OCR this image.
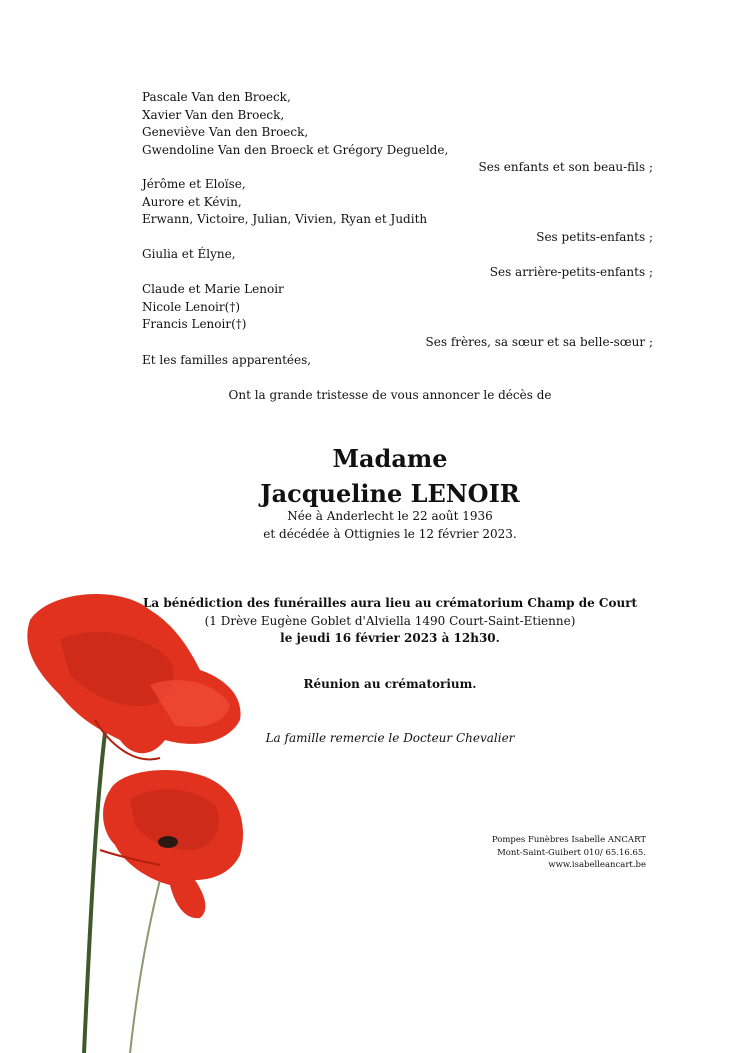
Pascale Van den Broeck,
Xavier Van den Broeck,
Geneviève Van den Broeck,
Gwendoline Van den Broeck et Grégory Deguelde,
Ses enfants et son beau-fils ;
Jérôme et Eloïse,
Aurore et Kévin,
Erwann, Victoire, Julian, Vivien, Ryan et Judith
Ses petits-enfants ;
Giulia et Élyne,
Ses arrière-petits-enfants ;
Claude et Marie Lenoir
Nicole Lenoir(†)
Francis Lenoir(†)
Ses frères, sa sœur et sa belle-sœur ;
Et les familles apparentées,
Ont la grande tristesse de vous annoncer le décès de
Madame
Jacqueline LENOIR
Née à Anderlecht le 22 août 1936
et décédée à Ottignies le 12 février 2023.
La bénédiction des funérailles aura lieu au crématorium Champ de Court
(1 Drève Eugène Goblet d'Alviella 1490 Court-Saint-Etienne)
le jeudi 16 février 2023 à 12h30.
Réunion au crématorium.
La famille remercie le Docteur Chevalier
Pompes Funèbres Isabelle ANCART
Mont-Saint-Guibert 010/ 65.16.65.
www.isabelleancart.be
